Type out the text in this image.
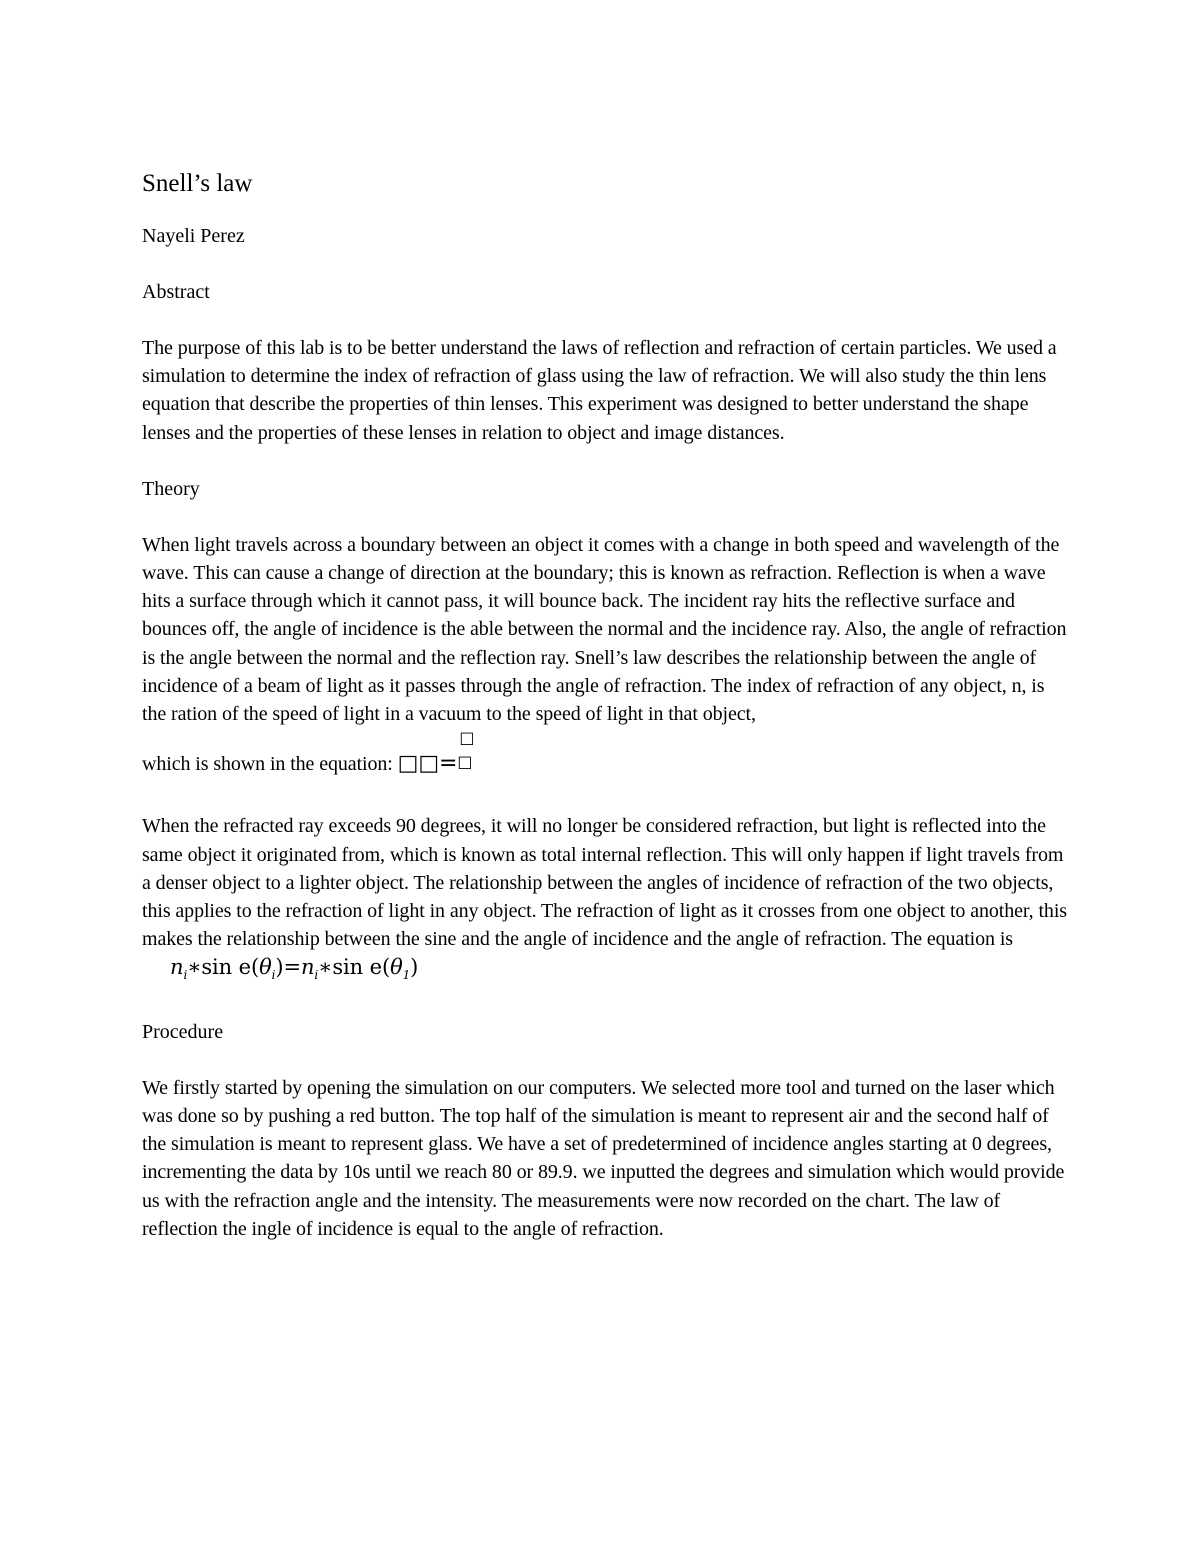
Snell’s law
Nayeli Perez
Abstract
The purpose of this lab is to be better understand the laws of reflection and refraction of certain particles. We used a simulation to determine the index of refraction of glass using the law of refraction. We will also study the thin lens equation that describe the properties of thin lenses. This experiment was designed to better understand the shape lenses and the properties of these lenses in relation to object and image distances.
Theory
When light travels across a boundary between an object it comes with a change in both speed and wavelength of the wave. This can cause a change of direction at the boundary; this is known as refraction. Reflection is when a wave hits a surface through which it cannot pass, it will bounce back. The incident ray hits the reflective surface and bounces off, the angle of incidence is the able between the normal and the incidence ray. Also, the angle of refraction is the angle between the normal and the reflection ray. Snell’s law describes the relationship between the angle of incidence of a beam of light as it passes through the angle of refraction. The index of refraction of any object, n, is the ration of the speed of light in a vacuum to the speed of light in that object,
which is shown in the equation: □□=
□
□
When the refracted ray exceeds 90 degrees, it will no longer be considered refraction, but light is reflected into the same object it originated from, which is known as total internal reflection. This will only happen if light travels from a denser object to a lighter object. The relationship between the angles of incidence of refraction of the two objects, this applies to the refraction of light in any object. The refraction of light as it crosses from one object to another, this makes the relationship between the sine and the angle of incidence and the angle of refraction. The equation is $n_i∗\sin$ $e(\theta_i)=n_i∗\sin$ $e(\theta_1)$
Procedure
We firstly started by opening the simulation on our computers. We selected more tool and turned on the laser which was done so by pushing a red button. The top half of the simulation is meant to represent air and the second half of the simulation is meant to represent glass. We have a set of predetermined of incidence angles starting at 0 degrees, incrementing the data by 10s until we reach 80 or 89.9. we inputted the degrees and simulation which would provide us with the refraction angle and the intensity. The measurements were now recorded on the chart. The law of reflection the ingle of incidence is equal to the angle of refraction.
